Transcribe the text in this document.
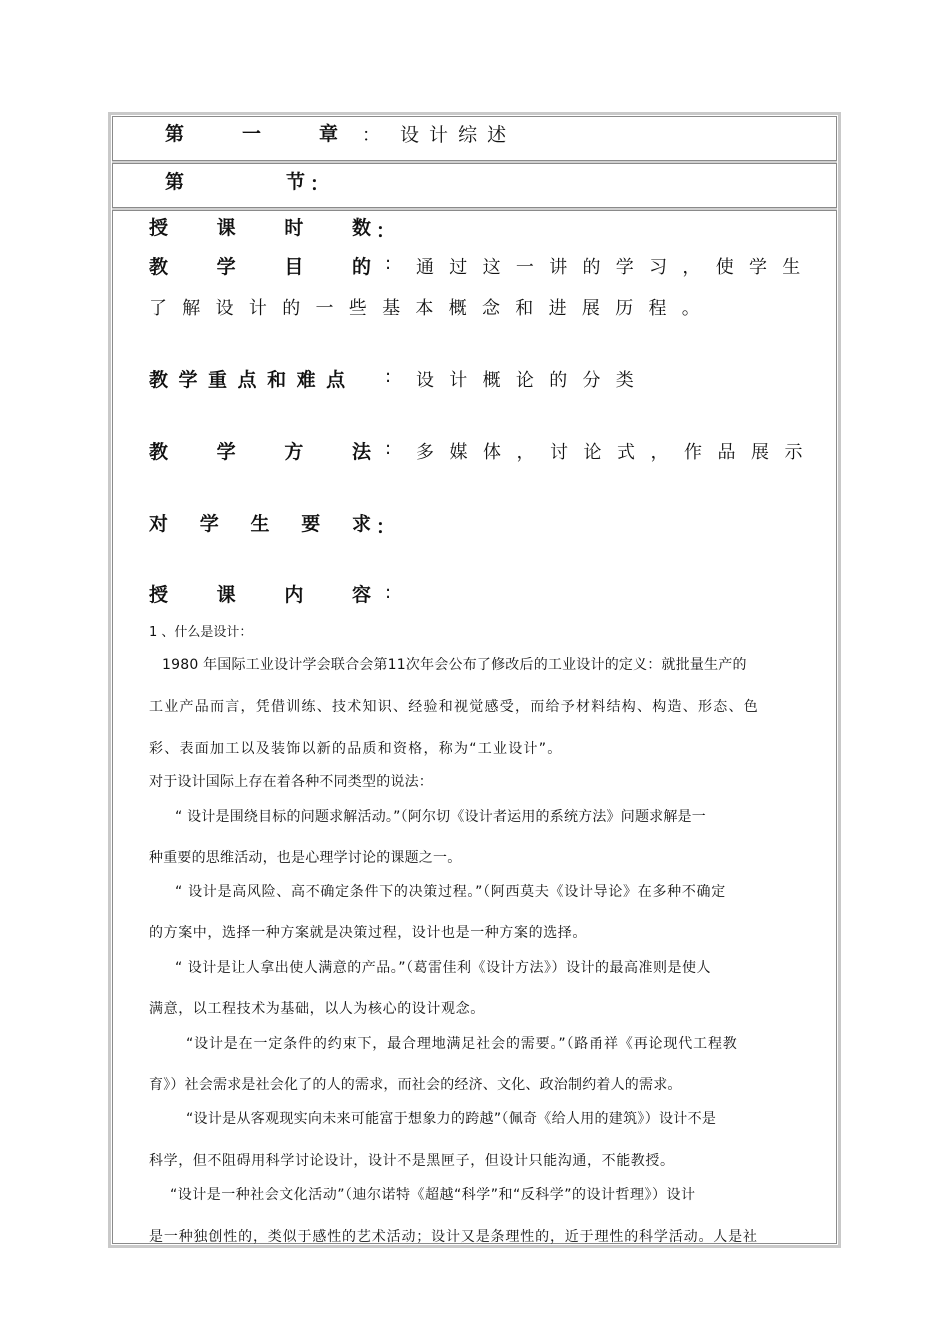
第	一	章 ： 设 计 综 述
第	节 ：
授	课	时	数 ：
教	学	目	的 : 通过这一讲的学习，使学生
了解设计的一些基本概念和进展历程。
教学重点和难点 : 设计概论的分类
教	学	方	法 : 多媒体，讨论式，作品展示
对 学 生 要 求 ：
授	课	内	容 :
1 、什么是设计：
1980 年国际工业设计学会联合会第11次年会公布了修改后的工业设计的定义：就批量生产的
工业产品而言，凭借训练、技术知识、经验和视觉感受，而给予材料结构、构造、形态、色
彩、表面加工以及装饰以新的品质和资格，称为“工业设计”。
对于设计国际上存在着各种不同类型的说法：
“ 设计是围绕目标的问题求解活动。”（阿尔切《设计者运用的系统方法》问题求解是一
种重要的思维活动，也是心理学讨论的课题之一。
“ 设计是高风险、高不确定条件下的决策过程。”（阿西莫夫《设计导论》在多种不确定
的方案中，选择一种方案就是决策过程，设计也是一种方案的选择。
“ 设计是让人拿出使人满意的产品。”（葛雷佳利《设计方法》）设计的最高准则是使人
满意，以工程技术为基础，以人为核心的设计观念。
“设计是在一定条件的约束下，最合理地满足社会的需要。”（路甬祥《再论现代工程教
育》）社会需求是社会化了的人的需求，而社会的经济、文化、政治制约着人的需求。
“设计是从客观现实向未来可能富于想象力的跨越”（佩奇《给人用的建筑》）设计不是
科学，但不阻碍用科学讨论设计，设计不是黑匣子，但设计只能沟通，不能教授。
“设计是一种社会文化活动”（迪尔诺特《超越“科学”和“反科学”的设计哲理》）设计
是一种独创性的，类似于感性的艺术活动；设计又是条理性的，近于理性的科学活动。人是社
